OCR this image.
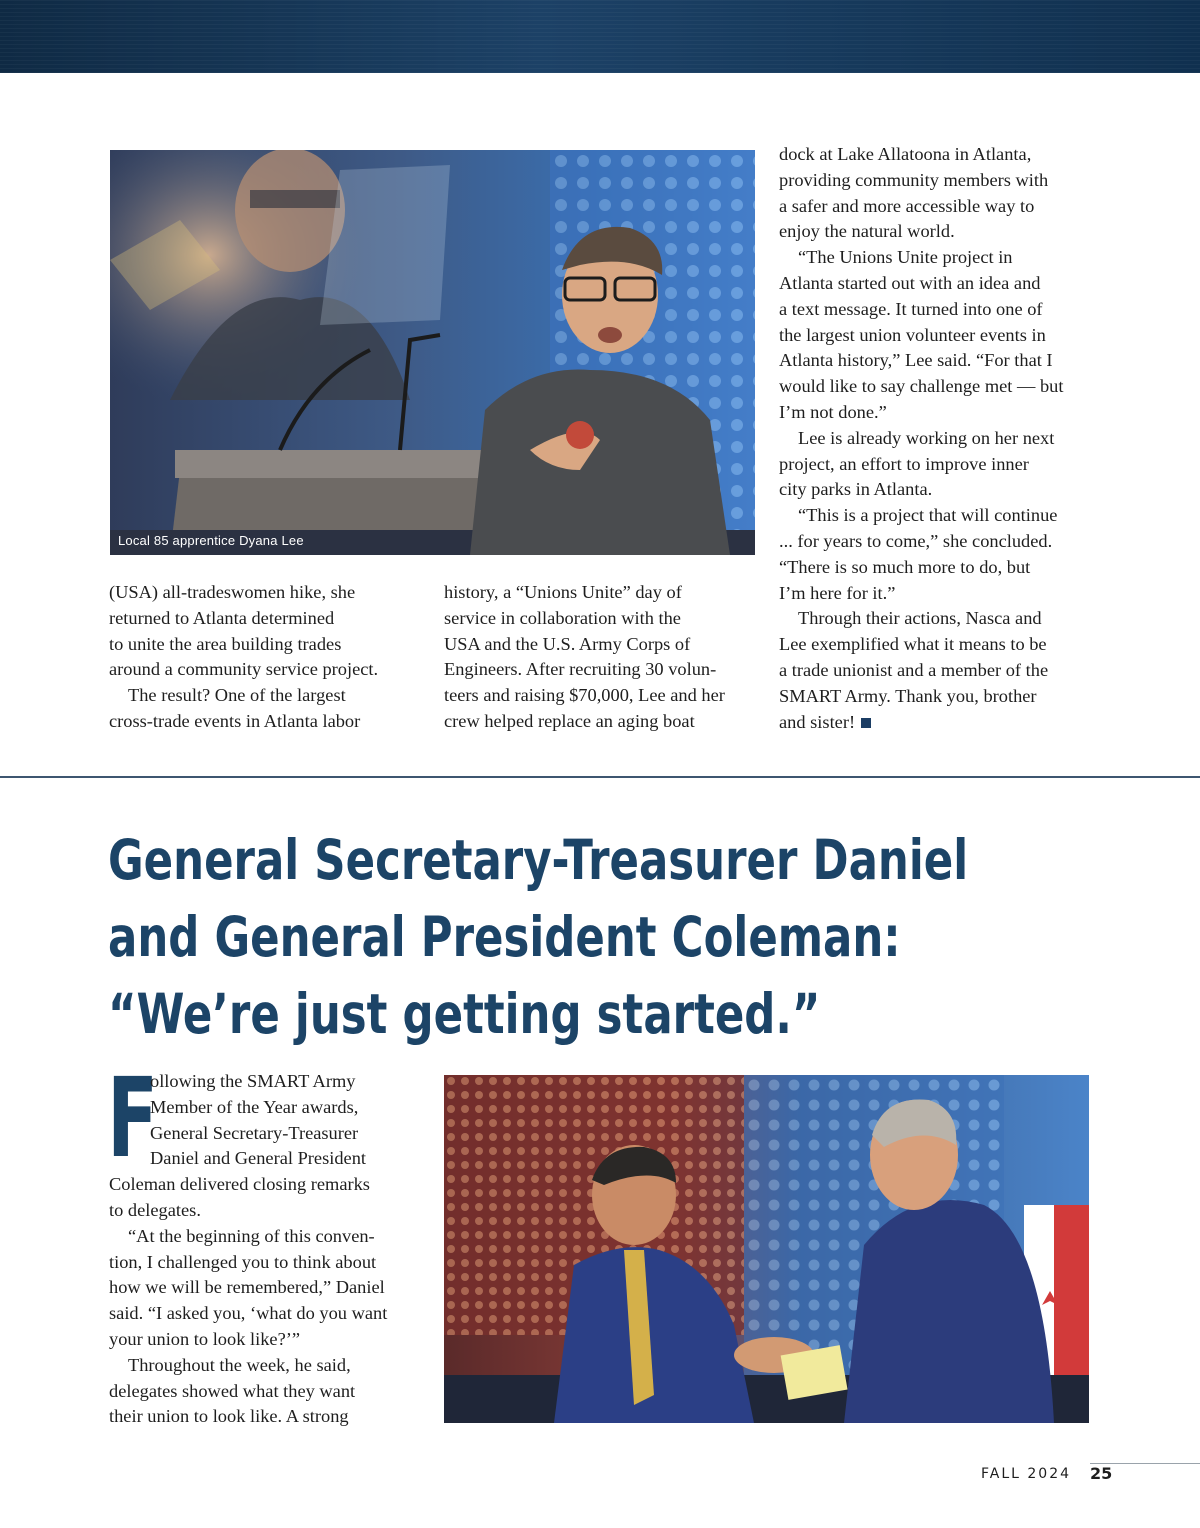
Local 85 apprentice Dyana Lee

(USA) all-tradeswomen hike, she

returned to Atlanta determined

to unite the area building trades

around a community service project.

The result? One of the largest

cross-trade events in Atlanta labor

history, a “Unions Unite” day of

service in collaboration with the

USA and the U.S. Army Corps of

Engineers. After recruiting 30 volun-

teers and raising $70,000, Lee and her

crew helped replace an aging boat

dock at Lake Allatoona in Atlanta,

providing community members with

a safer and more accessible way to

enjoy the natural world.

“The Unions Unite project in

Atlanta started out with an idea and

a text message. It turned into one of

the largest union volunteer events in

Atlanta history,” Lee said. “For that I

would like to say challenge met — but

I’m not done.”

Lee is already working on her next

project, an effort to improve inner

city parks in Atlanta.

“This is a project that will continue

... for years to come,” she concluded.

“There is so much more to do, but

I’m here for it.”

Through their actions, Nasca and

Lee exemplified what it means to be

a trade unionist and a member of the

SMART Army. Thank you, brother

and sister!

General Secretary-Treasurer Daniel
and General President Coleman:
“We’re just getting started.”
F

ollowing the SMART Army

Member of the Year awards,

General Secretary-Treasurer

Daniel and General President

Coleman delivered closing remarks

to delegates.

“At the beginning of this conven-

tion, I challenged you to think about

how we will be remembered,” Daniel

said. “I asked you, ‘what do you want

your union to look like?’”

Throughout the week, he said,

delegates showed what they want

their union to look like. A strong

FALL 2024 25
